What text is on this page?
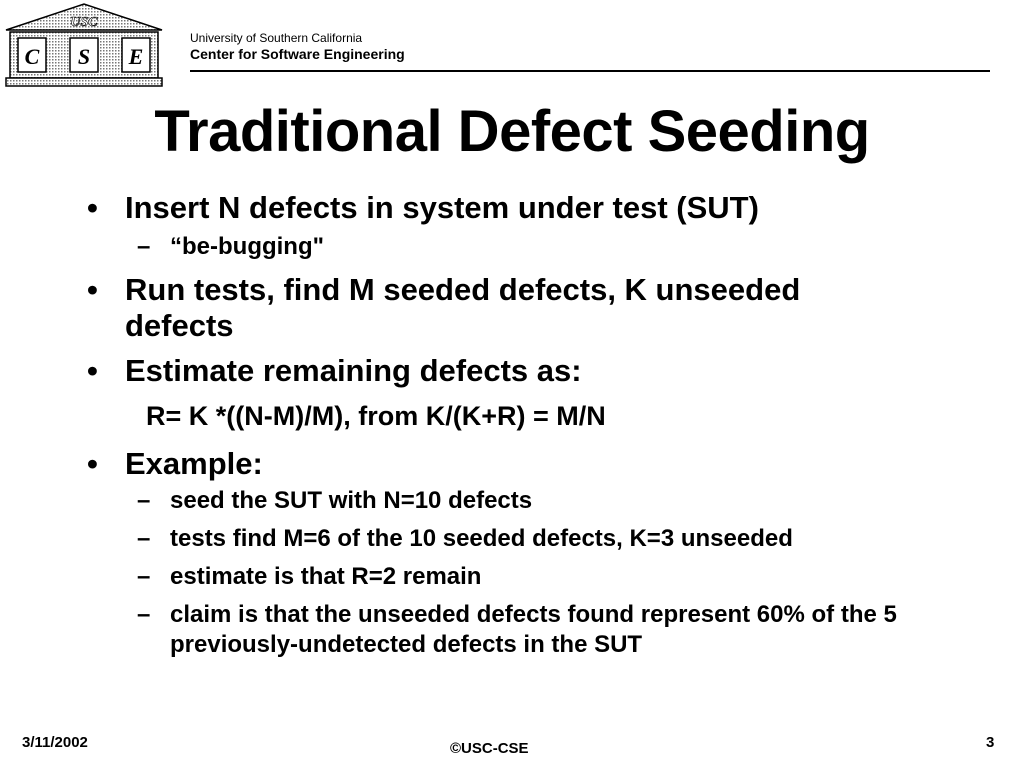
USC
C S E
University of Southern California
Center for Software Engineering
Traditional Defect Seeding
• Insert N defects in system under test (SUT)
– “be-bugging"
• Run tests, find M seeded defects, K unseeded defects
• Estimate remaining defects as:
R= K *((N-M)/M), from K/(K+R) = M/N
• Example:
– seed the SUT with N=10 defects
– tests find M=6 of the 10 seeded defects, K=3 unseeded
– estimate is that R=2 remain
– claim is that the unseeded defects found represent 60% of the 5 previously-undetected defects in the SUT
3/11/2002	©USC-CSE	3
